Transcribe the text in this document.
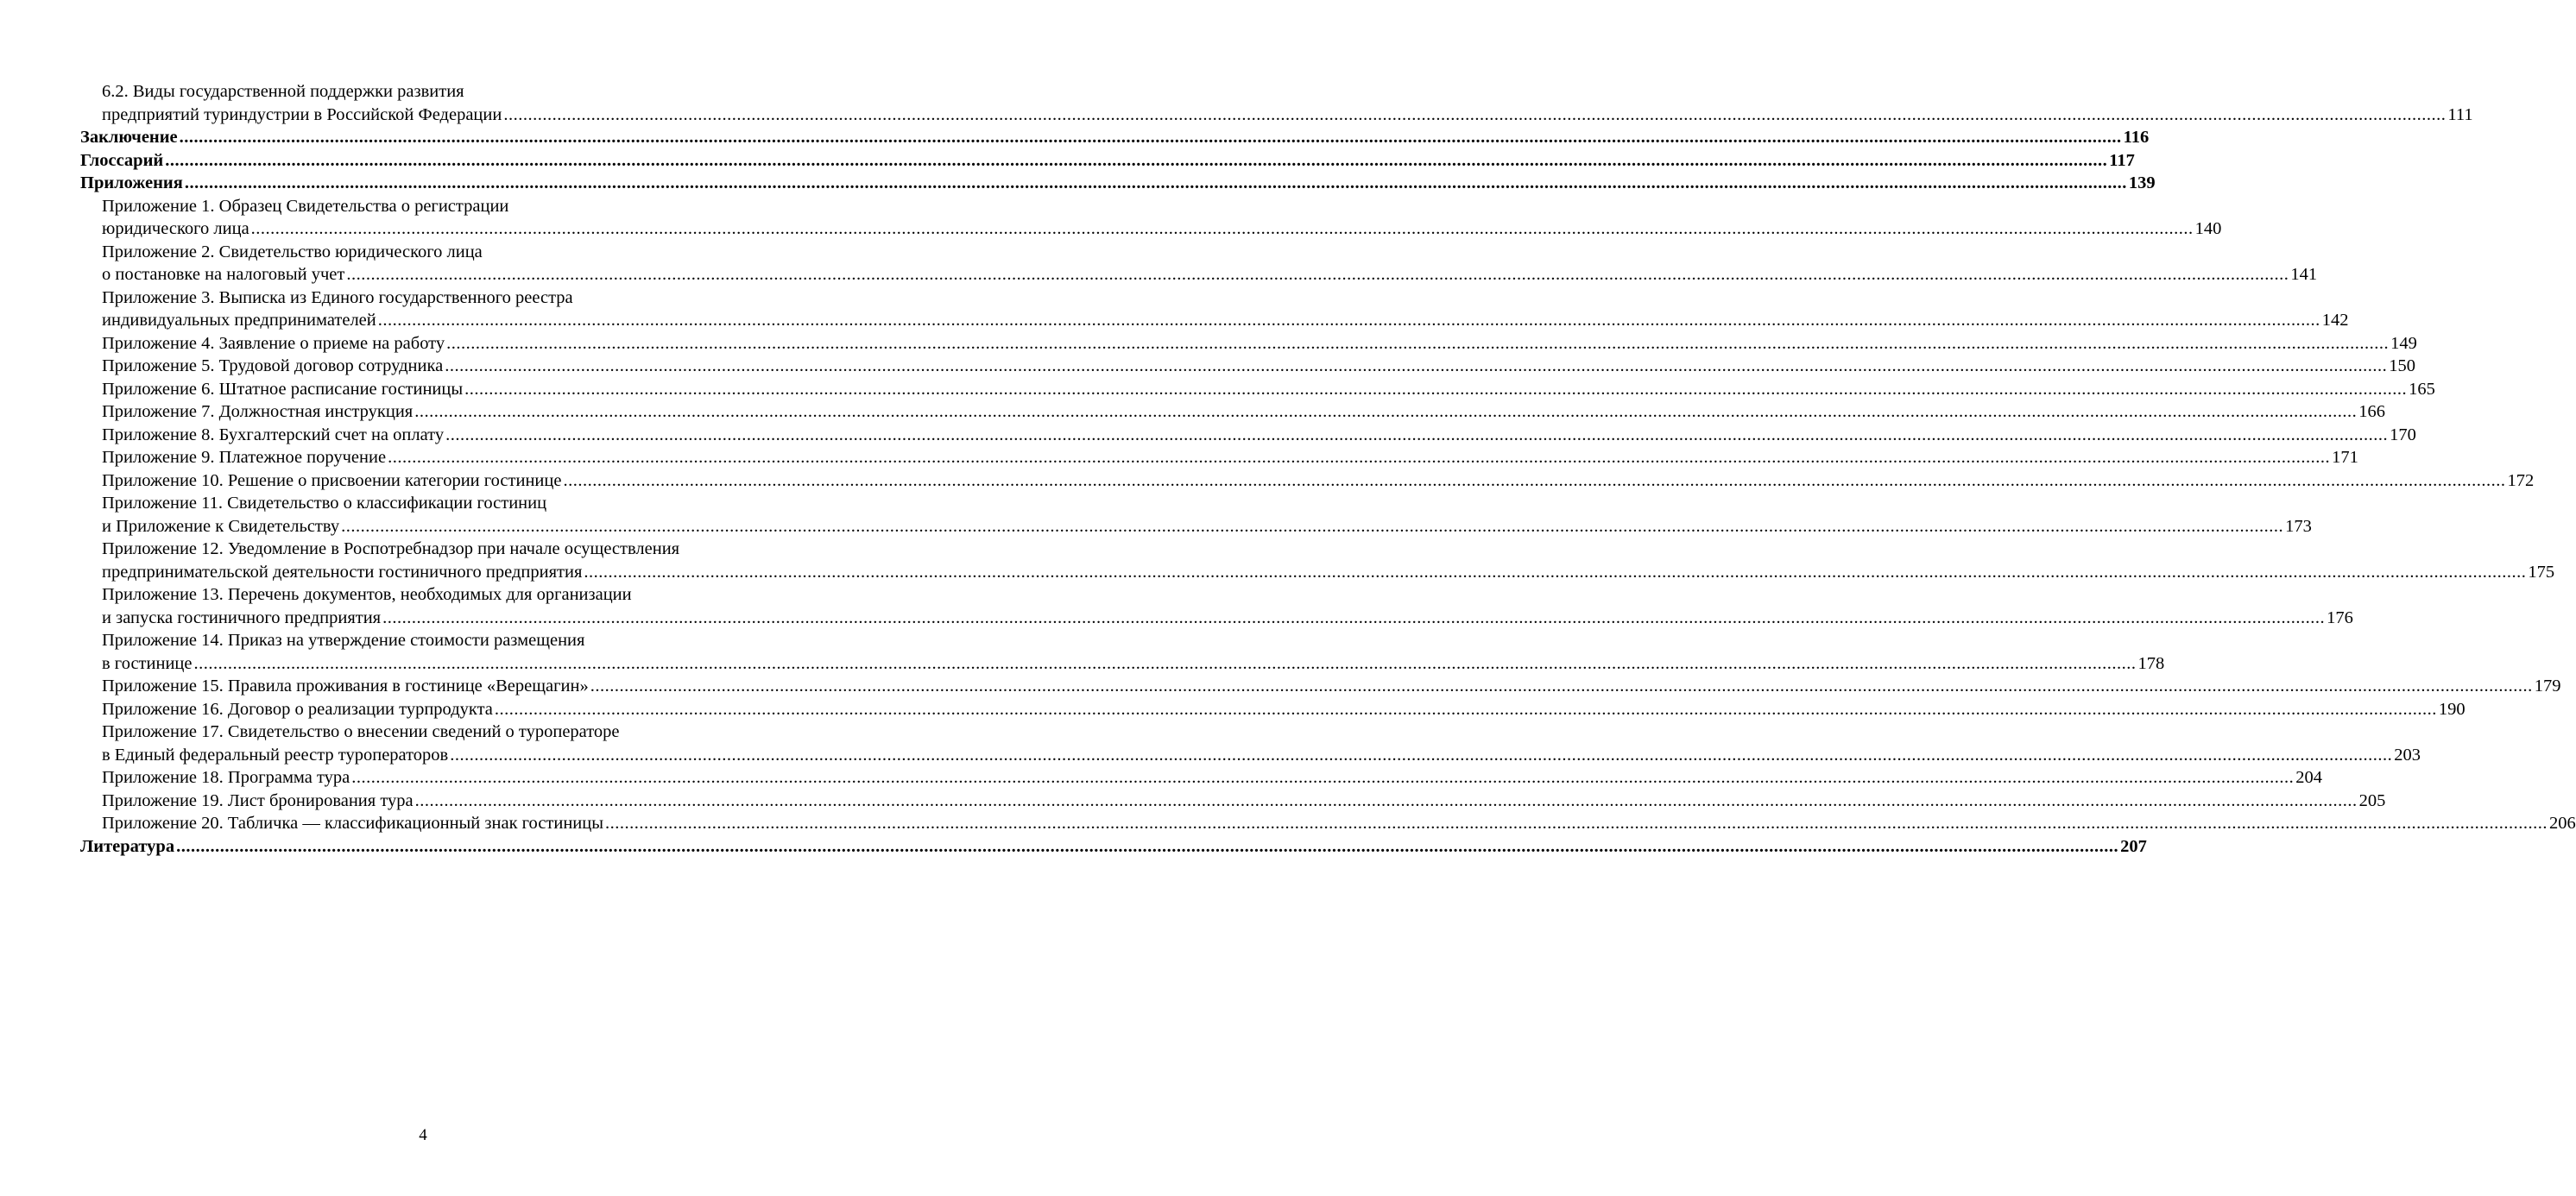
6.2. Виды государственной поддержки развития
предприятий туриндустрии в Российской Федерации ................................................................................................................................................................................................................................................................................................................................................................................................................ 111
Заключение ................................................................................................................................................................................................................................................................................................................................................................................................................ 116
Глоссарий ................................................................................................................................................................................................................................................................................................................................................................................................................ 117
Приложения ................................................................................................................................................................................................................................................................................................................................................................................................................ 139
Приложение 1. Образец Свидетельства о регистрации
юридического лица ................................................................................................................................................................................................................................................................................................................................................................................................................ 140
Приложение 2. Свидетельство юридического лица
о постановке на налоговый учет ................................................................................................................................................................................................................................................................................................................................................................................................................ 141
Приложение 3. Выписка из Единого государственного реестра
индивидуальных предпринимателей ................................................................................................................................................................................................................................................................................................................................................................................................................ 142
Приложение 4. Заявление о приеме на работу ................................................................................................................................................................................................................................................................................................................................................................................................................ 149
Приложение 5. Трудовой договор сотрудника ................................................................................................................................................................................................................................................................................................................................................................................................................ 150
Приложение 6. Штатное расписание гостиницы ................................................................................................................................................................................................................................................................................................................................................................................................................ 165
Приложение 7. Должностная инструкция ................................................................................................................................................................................................................................................................................................................................................................................................................ 166
Приложение 8. Бухгалтерский счет на оплату ................................................................................................................................................................................................................................................................................................................................................................................................................ 170
Приложение 9. Платежное поручение ................................................................................................................................................................................................................................................................................................................................................................................................................ 171
Приложение 10. Решение о присвоении категории гостинице ................................................................................................................................................................................................................................................................................................................................................................................................................ 172
Приложение 11. Свидетельство о классификации гостиниц
и Приложение к Свидетельству ................................................................................................................................................................................................................................................................................................................................................................................................................ 173
Приложение 12. Уведомление в Роспотребнадзор при начале осуществления
предпринимательской деятельности гостиничного предприятия ................................................................................................................................................................................................................................................................................................................................................................................................................ 175
Приложение 13. Перечень документов, необходимых для организации
и запуска гостиничного предприятия ................................................................................................................................................................................................................................................................................................................................................................................................................ 176
Приложение 14. Приказ на утверждение стоимости размещения
в гостинице ................................................................................................................................................................................................................................................................................................................................................................................................................ 178
Приложение 15. Правила проживания в гостинице «Верещагин» ................................................................................................................................................................................................................................................................................................................................................................................................................ 179
Приложение 16. Договор о реализации турпродукта ................................................................................................................................................................................................................................................................................................................................................................................................................ 190
Приложение 17. Свидетельство о внесении сведений о туроператоре
в Единый федеральный реестр туроператоров ................................................................................................................................................................................................................................................................................................................................................................................................................ 203
Приложение 18. Программа тура ................................................................................................................................................................................................................................................................................................................................................................................................................ 204
Приложение 19. Лист бронирования тура ................................................................................................................................................................................................................................................................................................................................................................................................................ 205
Приложение 20. Табличка — классификационный знак гостиницы ................................................................................................................................................................................................................................................................................................................................................................................................................ 206
Литература ................................................................................................................................................................................................................................................................................................................................................................................................................ 207
4
